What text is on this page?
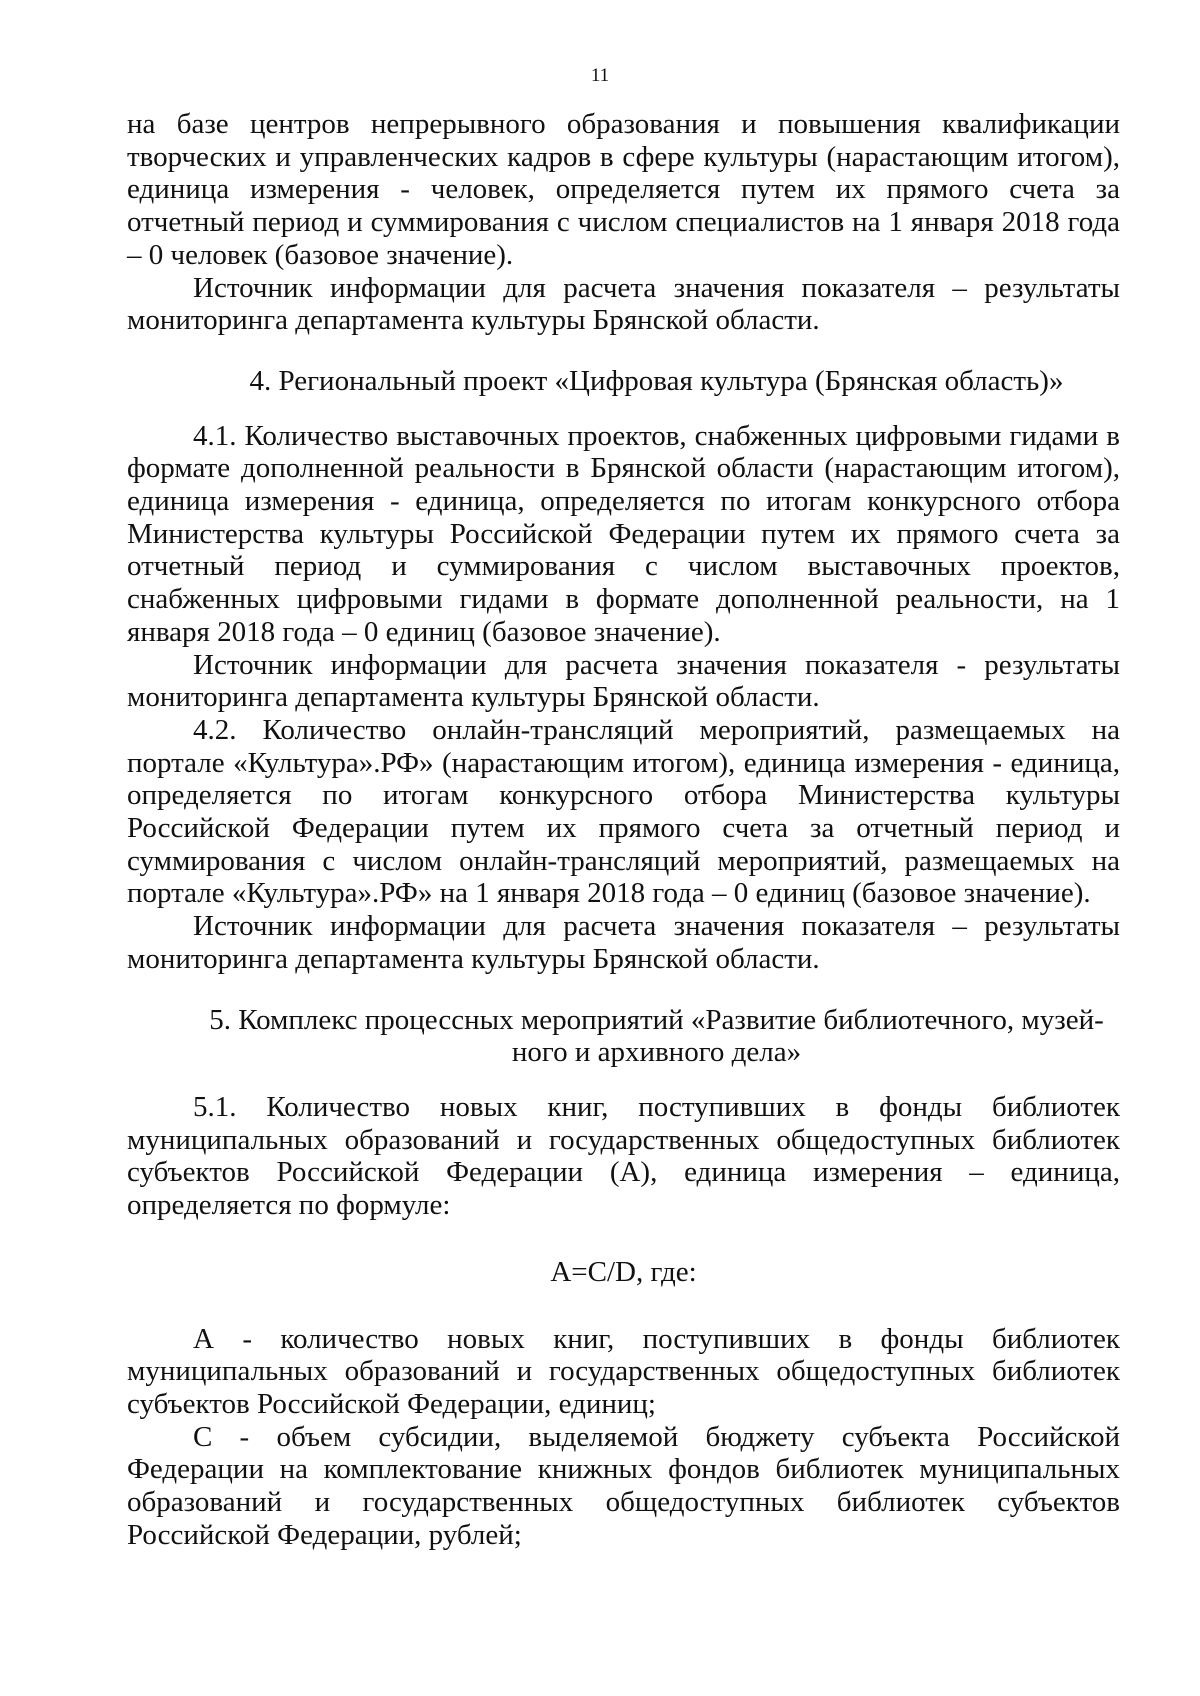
11

на базе центров непрерывного образования и повышения квалификации творческих и управленческих кадров в сфере культуры (нарастающим итогом), единица измерения - человек, определяется путем их прямого счета за отчетный период и суммирования с числом специалистов на 1 января 2018 года – 0 человек (базовое значение).

Источник информации для расчета значения показателя – результаты мониторинга департамента культуры Брянской области.

4. Региональный проект «Цифровая культура (Брянская область)»

4.1. Количество выставочных проектов, снабженных цифровыми гидами в формате дополненной реальности в Брянской области (нарастающим итогом), единица измерения - единица, определяется по итогам конкурсного отбора Министерства культуры Российской Федерации путем их прямого счета за отчетный период и суммирования с числом выставочных проектов, снабженных цифровыми гидами в формате дополненной реальности, на 1 января 2018 года – 0 единиц (базовое значение).

Источник информации для расчета значения показателя - результаты мониторинга департамента культуры Брянской области.

4.2. Количество онлайн-трансляций мероприятий, размещаемых на портале «Культура».РФ» (нарастающим итогом), единица измерения - единица, определяется по итогам конкурсного отбора Министерства культуры Российской Федерации путем их прямого счета за отчетный период и суммирования с числом онлайн-трансляций мероприятий, размещаемых на портале «Культура».РФ» на 1 января 2018 года – 0 единиц (базовое значение).

Источник информации для расчета значения показателя – результаты мониторинга департамента культуры Брянской области.

5. Комплекс процессных мероприятий «Развитие библиотечного, музей-
ного и архивного дела»

5.1. Количество новых книг, поступивших в фонды библиотек муниципальных образований и государственных общедоступных библиотек субъектов Российской Федерации (А), единица измерения – единица, определяется по формуле:

А=С/D, где:

А - количество новых книг, поступивших в фонды библиотек муниципальных образований и государственных общедоступных библиотек субъектов Российской Федерации, единиц;

С - объем субсидии, выделяемой бюджету субъекта Российской Федерации на комплектование книжных фондов библиотек муниципальных образований и государственных общедоступных библиотек субъектов Российской Федерации, рублей;
